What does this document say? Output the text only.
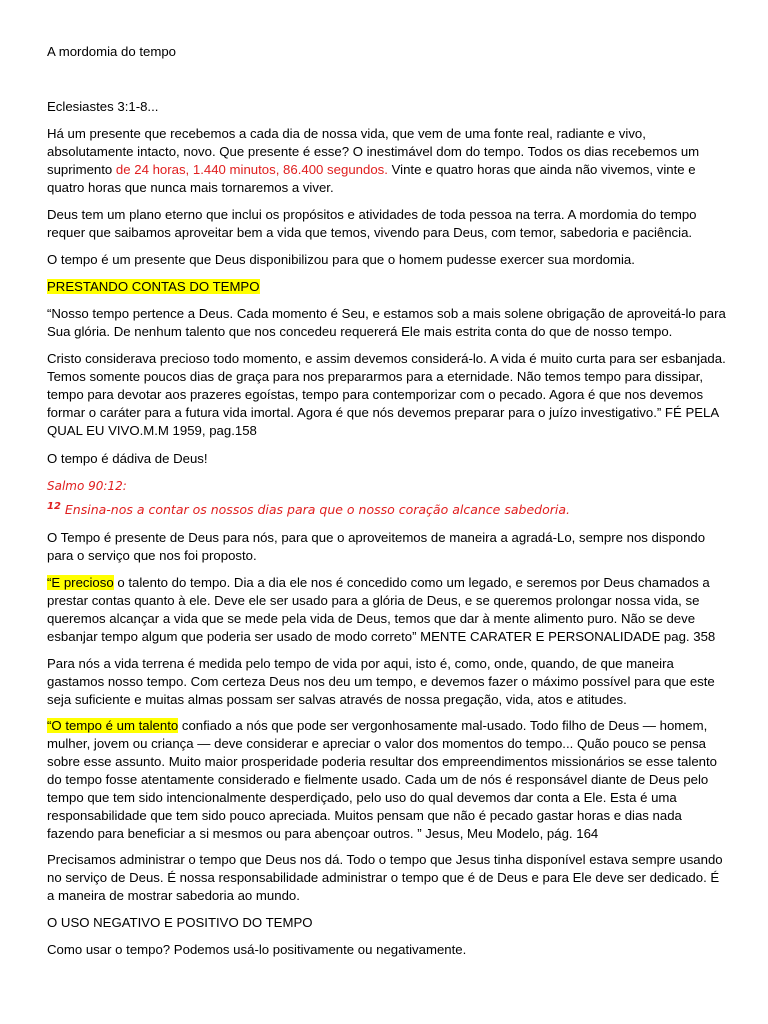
A mordomia do tempo

Eclesiastes 3:1-8...

Há um presente que recebemos a cada dia de nossa vida, que vem de uma fonte real, radiante e vivo, absolutamente intacto, novo. Que presente é esse? O inestimável dom do tempo. Todos os dias recebemos um suprimento de 24 horas, 1.440 minutos, 86.400 segundos. Vinte e quatro horas que ainda não vivemos, vinte e quatro horas que nunca mais tornaremos a viver.

Deus tem um plano eterno que inclui os propósitos e atividades de toda pessoa na terra. A mordomia do tempo requer que saibamos aproveitar bem a vida que temos, vivendo para Deus, com temor, sabedoria e paciência.

O tempo é um presente que Deus disponibilizou para que o homem pudesse exercer sua mordomia.

PRESTANDO CONTAS DO TEMPO

“Nosso tempo pertence a Deus. Cada momento é Seu, e estamos sob a mais solene obrigação de aproveitá-lo para Sua glória. De nenhum talento que nos concedeu requererá Ele mais estrita conta do que de nosso tempo.

Cristo considerava precioso todo momento, e assim devemos considerá-lo. A vida é muito curta para ser esbanjada. Temos somente poucos dias de graça para nos prepararmos para a eternidade. Não temos tempo para dissipar, tempo para devotar aos prazeres egoístas, tempo para contemporizar com o pecado. Agora é que nos devemos formar o caráter para a futura vida imortal. Agora é que nós devemos preparar para o juízo investigativo.” FÉ PELA QUAL EU VIVO.M.M 1959, pag.158

O tempo é dádiva de Deus!

Salmo 90:12:

$^{12}$ Ensina-nos a contar os nossos dias para que o nosso coração alcance sabedoria.

O Tempo é presente de Deus para nós, para que o aproveitemos de maneira a agradá-Lo, sempre nos dispondo para o serviço que nos foi proposto.

“E precioso o talento do tempo. Dia a dia ele nos é concedido como um legado, e seremos por Deus chamados a prestar contas quanto à ele. Deve ele ser usado para a glória de Deus, e se queremos prolongar nossa vida, se queremos alcançar a vida que se mede pela vida de Deus, temos que dar à mente alimento puro. Não se deve esbanjar tempo algum que poderia ser usado de modo correto” MENTE CARATER E PERSONALIDADE pag. 358

Para nós a vida terrena é medida pelo tempo de vida por aqui, isto é, como, onde, quando, de que maneira gastamos nosso tempo. Com certeza Deus nos deu um tempo, e devemos fazer o máximo possível para que este seja suficiente e muitas almas possam ser salvas através de nossa pregação, vida, atos e atitudes.

“O tempo é um talento confiado a nós que pode ser vergonhosamente mal-usado. Todo filho de Deus — homem, mulher, jovem ou criança — deve considerar e apreciar o valor dos momentos do tempo... Quão pouco se pensa sobre esse assunto. Muito maior prosperidade poderia resultar dos empreendimentos missionários se esse talento do tempo fosse atentamente considerado e fielmente usado. Cada um de nós é responsável diante de Deus pelo tempo que tem sido intencionalmente desperdiçado, pelo uso do qual devemos dar conta a Ele. Esta é uma responsabilidade que tem sido pouco apreciada. Muitos pensam que não é pecado gastar horas e dias nada fazendo para beneficiar a si mesmos ou para abençoar outros. ” Jesus, Meu Modelo, pág. 164

Precisamos administrar o tempo que Deus nos dá. Todo o tempo que Jesus tinha disponível estava sempre usando no serviço de Deus. É nossa responsabilidade administrar o tempo que é de Deus e para Ele deve ser dedicado. É a maneira de mostrar sabedoria ao mundo.

O USO NEGATIVO E POSITIVO DO TEMPO

Como usar o tempo? Podemos usá-lo positivamente ou negativamente.
